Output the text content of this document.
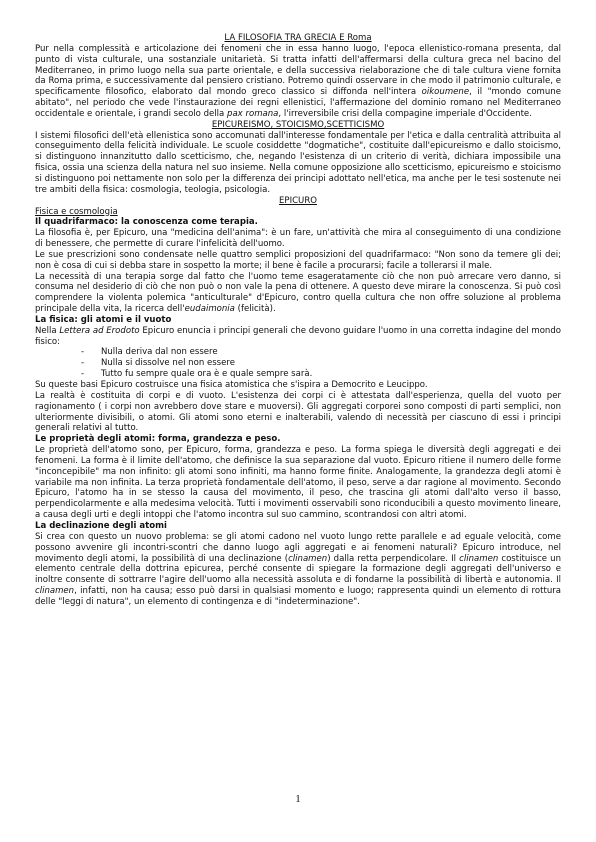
LA FILOSOFIA TRA GRECIA E Roma

Pur nella complessità e articolazione dei fenomeni che in essa hanno luogo, l'epoca ellenistico-romana presenta, dal punto di vista culturale, una sostanziale unitarietà. Si tratta infatti dell'affermarsi della cultura greca nel bacino del Mediterraneo, in primo luogo nella sua parte orientale, e della successiva rielaborazione che di tale cultura viene fornita da Roma prima, e successivamente dal pensiero cristiano. Potremo quindi osservare in che modo il patrimonio culturale, e specificamente filosofico, elaborato dal mondo greco classico si diffonda nell'intera oikoumene, il "mondo comune abitato", nel periodo che vede l'instaurazione dei regni ellenistici, l'affermazione del dominio romano nel Mediterraneo occidentale e orientale, i grandi secolo della pax romana, l'irreversibile crisi della compagine imperiale d'Occidente.

EPICUREISMO, STOICISMO,SCETTICISMO

I sistemi filosofici dell'età ellenistica sono accomunati dall'interesse fondamentale per l'etica e dalla centralità attribuita al conseguimento della felicità individuale. Le scuole cosiddette "dogmatiche", costituite dall'epicureismo e dallo stoicismo, si distinguono innanzitutto dallo scetticismo, che, negando l'esistenza di un criterio di verità, dichiara impossibile una fisica, ossia una scienza della natura nel suo insieme. Nella comune opposizione allo scetticismo, epicureismo e stoicismo si distinguono poi nettamente non solo per la differenza dei principi adottato nell'etica, ma anche per le tesi sostenute nei tre ambiti della fisica: cosmologia, teologia, psicologia.

EPICURO

Fisica e cosmologia

Il quadrifarmaco: la conoscenza come terapia.

La filosofia è, per Epicuro, una "medicina dell'anima": è un fare, un'attività che mira al conseguimento di una condizione di benessere, che permette di curare l'infelicità dell'uomo.

Le sue prescrizioni sono condensate nelle quattro semplici proposizioni del quadrifarmaco: "Non sono da temere gli dei; non è cosa di cui si debba stare in sospetto la morte; il bene è facile a procurarsi; facile a tollerarsi il male.

La necessità di una terapia sorge dal fatto che l'uomo teme esageratamente ciò che non può arrecare vero danno, si consuma nel desiderio di ciò che non può o non vale la pena di ottenere. A questo deve mirare la conoscenza. Si può così comprendere la violenta polemica "anticulturale" d'Epicuro, contro quella cultura che non offre soluzione al problema principale della vita, la ricerca dell'eudaimonia (felicità).

La fisica: gli atomi e il vuoto

Nella Lettera ad Erodoto Epicuro enuncia i principi generali che devono guidare l'uomo in una corretta indagine del mondo fisico:

- Nulla deriva dal non essere
- Nulla si dissolve nel non essere
- Tutto fu sempre quale ora è e quale sempre sarà.

Su queste basi Epicuro costruisce una fisica atomistica che s'ispira a Democrito e Leucippo.

La realtà è costituita di corpi e di vuoto. L'esistenza dei corpi ci è attestata dall'esperienza, quella del vuoto per ragionamento ( i corpi non avrebbero dove stare e muoversi). Gli aggregati corporei sono composti di parti semplici, non ulteriormente divisibili, o atomi. Gli atomi sono eterni e inalterabili, valendo di necessità per ciascuno di essi i principi generali relativi al tutto.

Le proprietà degli atomi: forma, grandezza e peso.

Le proprietà dell'atomo sono, per Epicuro, forma, grandezza e peso. La forma spiega le diversità degli aggregati e dei fenomeni. La forma è il limite dell'atomo, che definisce la sua separazione dal vuoto. Epicuro ritiene il numero delle forme "inconcepibile" ma non infinito: gli atomi sono infiniti, ma hanno forme finite. Analogamente, la grandezza degli atomi è variabile ma non infinita. La terza proprietà fondamentale dell'atomo, il peso, serve a dar ragione al movimento. Secondo Epicuro, l'atomo ha in se stesso la causa del movimento, il peso, che trascina gli atomi dall'alto verso il basso, perpendicolarmente e alla medesima velocità. Tutti i movimenti osservabili sono riconducibili a questo movimento lineare, a causa degli urti e degli intoppi che l'atomo incontra sul suo cammino, scontrandosi con altri atomi.

La declinazione degli atomi

Si crea con questo un nuovo problema: se gli atomi cadono nel vuoto lungo rette parallele e ad eguale velocità, come possono avvenire gli incontri-scontri che danno luogo agli aggregati e ai fenomeni naturali? Epicuro introduce, nel movimento degli atomi, la possibilità di una declinazione (clinamen) dalla retta perpendicolare. Il clinamen costituisce un elemento centrale della dottrina epicurea, perché consente di spiegare la formazione degli aggregati dell'universo e inoltre consente di sottrarre l'agire dell'uomo alla necessità assoluta e di fondarne la possibilità di libertà e autonomia. Il clinamen, infatti, non ha causa; esso può darsi in qualsiasi momento e luogo; rappresenta quindi un elemento di rottura delle "leggi di natura", un elemento di contingenza e di "indeterminazione".

1
